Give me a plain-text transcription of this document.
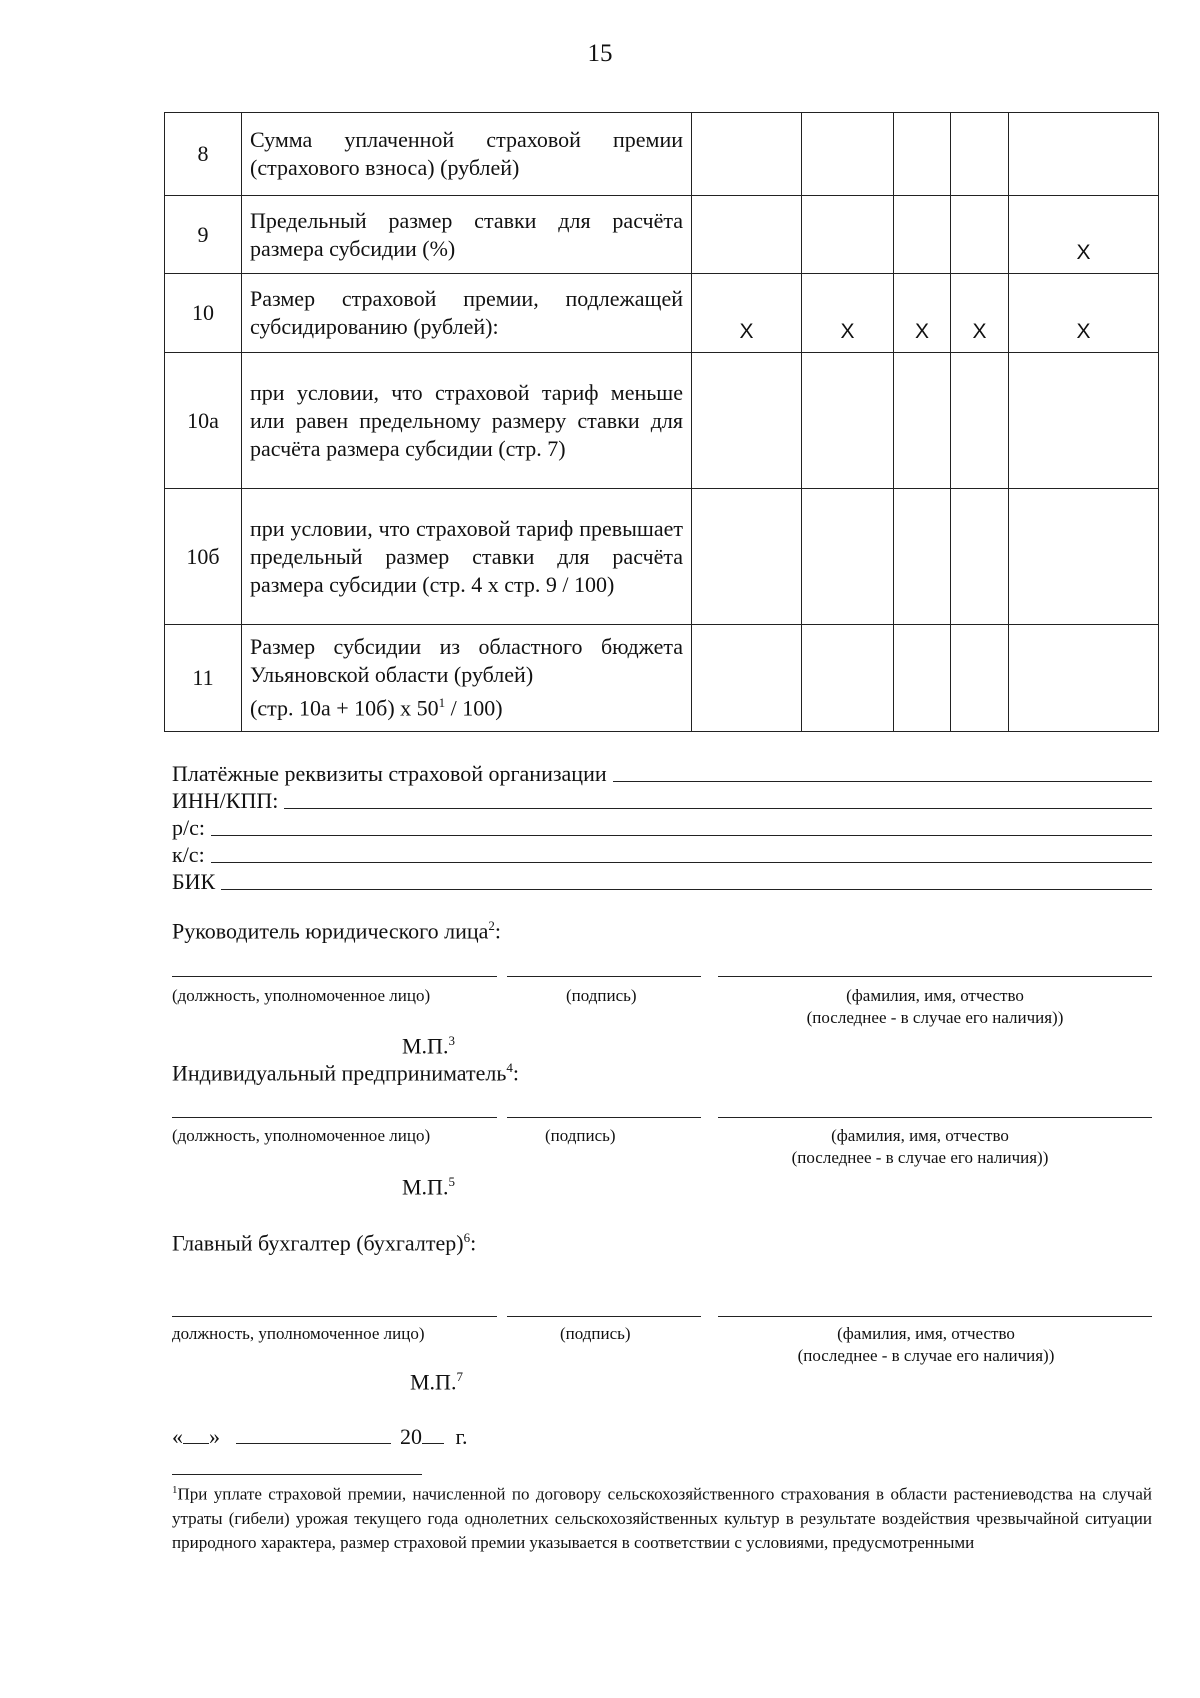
15
8	Сумма уплаченной страховой премии (страхового взноса) (рублей)					
9	Предельный размер ставки для расчёта размера субсидии (%)					X
10	Размер страховой премии, подлежащей субсидированию (рублей):	X	X	X	X	X
10а	при условии, что страховой тариф меньше или равен предельному размеру ставки для расчёта размера субсидии (стр. 7)					
10б	при условии, что страховой тариф превышает предельный размер ставки для расчёта размера субсидии (стр. 4 х стр. 9 / 100)					
11	Размер субсидии из областного бюджета Ульяновской области (рублей)
(стр. 10а + 10б) х $50^1 / 100$)					
Платёжные реквизиты страховой организации
ИНН/КПП:
р/с:
к/с:
БИК
Руководитель юридического лица$^2$:
(должность, уполномоченное лицо)	(подпись)	(фамилия, имя, отчество
(последнее - в случае его наличия))
М.П.$^3$
Индивидуальный предприниматель$^4$:
(должность, уполномоченное лицо)	(подпись)	(фамилия, имя, отчество
(последнее - в случае его наличия))
М.П.$^5$
Главный бухгалтер (бухгалтер)$^6$:
должность, уполномоченное лицо)	(подпись)	(фамилия, имя, отчество
(последнее - в случае его наличия))
М.П.$^7$
« »	20 г.
$^1$При уплате страховой премии, начисленной по договору сельскохозяйственного страхования в области растениеводства на случай утраты (гибели) урожая текущего года однолетних сельскохозяйственных культур в результате воздействия чрезвычайной ситуации природного характера, размер страховой премии указывается в соответствии с условиями, предусмотренными
